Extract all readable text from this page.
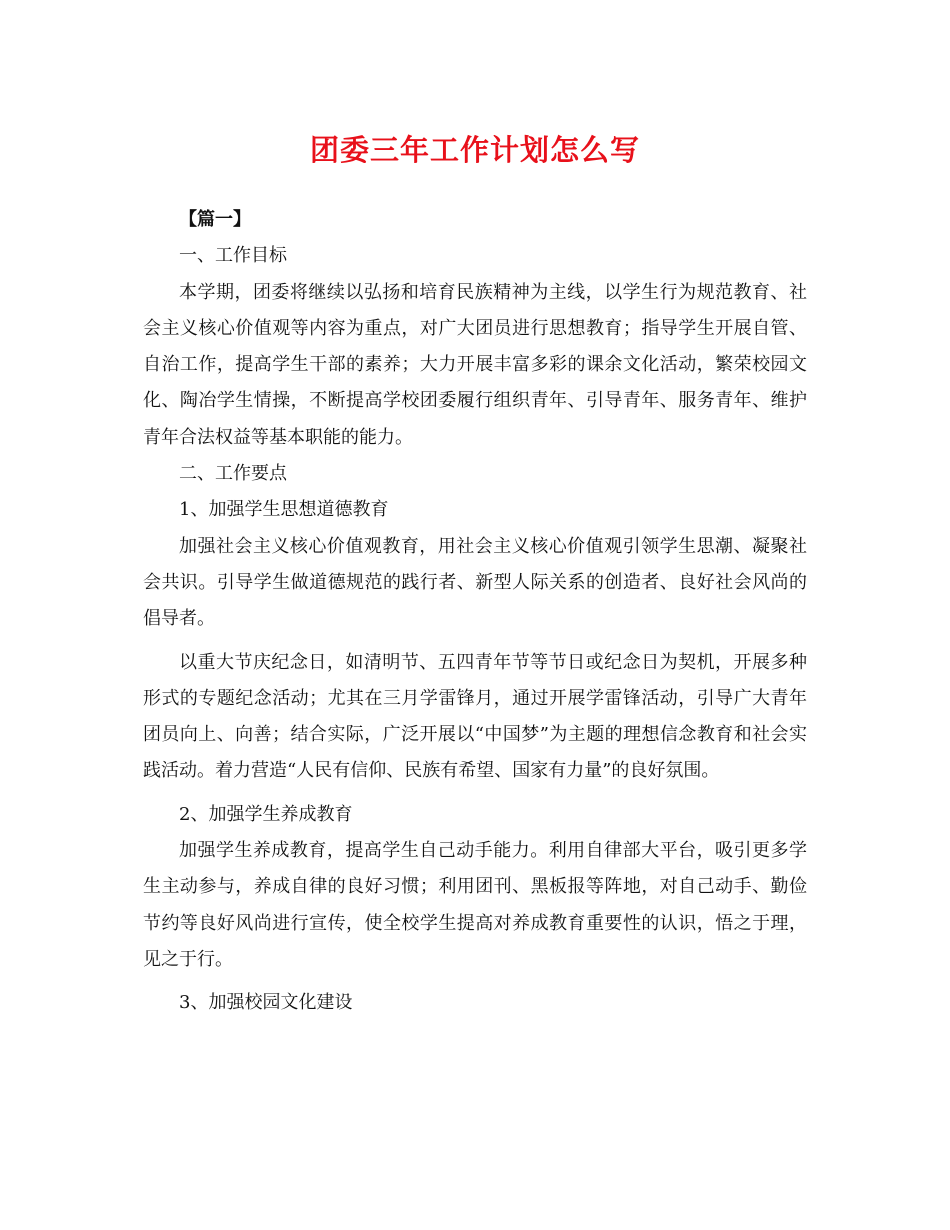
团委三年工作计划怎么写

【篇一】

一、工作目标

本学期，团委将继续以弘扬和培育民族精神为主线，以学生行为规范教育、社会主义核心价值观等内容为重点，对广大团员进行思想教育；指导学生开展自管、自治工作，提高学生干部的素养；大力开展丰富多彩的课余文化活动，繁荣校园文化、陶冶学生情操，不断提高学校团委履行组织青年、引导青年、服务青年、维护青年合法权益等基本职能的能力。

二、工作要点

1、加强学生思想道德教育

加强社会主义核心价值观教育，用社会主义核心价值观引领学生思潮、凝聚社会共识。引导学生做道德规范的践行者、新型人际关系的创造者、良好社会风尚的倡导者。

以重大节庆纪念日，如清明节、五四青年节等节日或纪念日为契机，开展多种形式的专题纪念活动；尤其在三月学雷锋月，通过开展学雷锋活动，引导广大青年团员向上、向善；结合实际，广泛开展以“中国梦”为主题的理想信念教育和社会实践活动。着力营造“人民有信仰、民族有希望、国家有力量”的良好氛围。

2、加强学生养成教育

加强学生养成教育，提高学生自己动手能力。利用自律部大平台，吸引更多学生主动参与，养成自律的良好习惯；利用团刊、黑板报等阵地，对自己动手、勤俭节约等良好风尚进行宣传，使全校学生提高对养成教育重要性的认识，悟之于理，见之于行。

3、加强校园文化建设
